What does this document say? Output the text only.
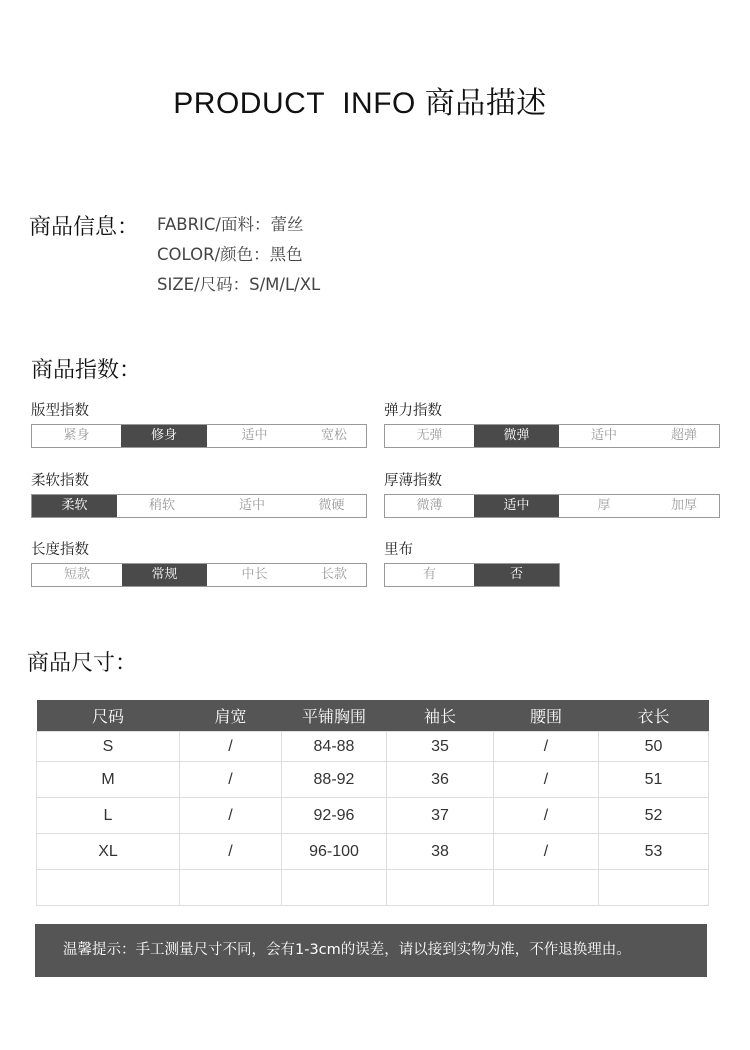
PRODUCT  INFO 商品描述
商品信息： FABRIC/面料：蕾丝
COLOR/颜色：黑色
SIZE/尺码：S/M/L/XL
商品指数：
版型指数
紧身	修身	适中	宽松
弹力指数
无弹	微弹	适中	超弹
柔软指数
柔软	稍软	适中	微硬
厚薄指数
微薄	适中	厚	加厚
长度指数
短款	常规	中长	长款
里布
有	否
商品尺寸：
尺码	肩宽	平铺胸围	袖长	腰围	衣长
S	/	84-88	35	/	50
M	/	88-92	36	/	51
L	/	92-96	37	/	52
XL	/	96-100	38	/	53

温馨提示：手工测量尺寸不同，会有1-3cm的误差，请以接到实物为准，不作退换理由。
